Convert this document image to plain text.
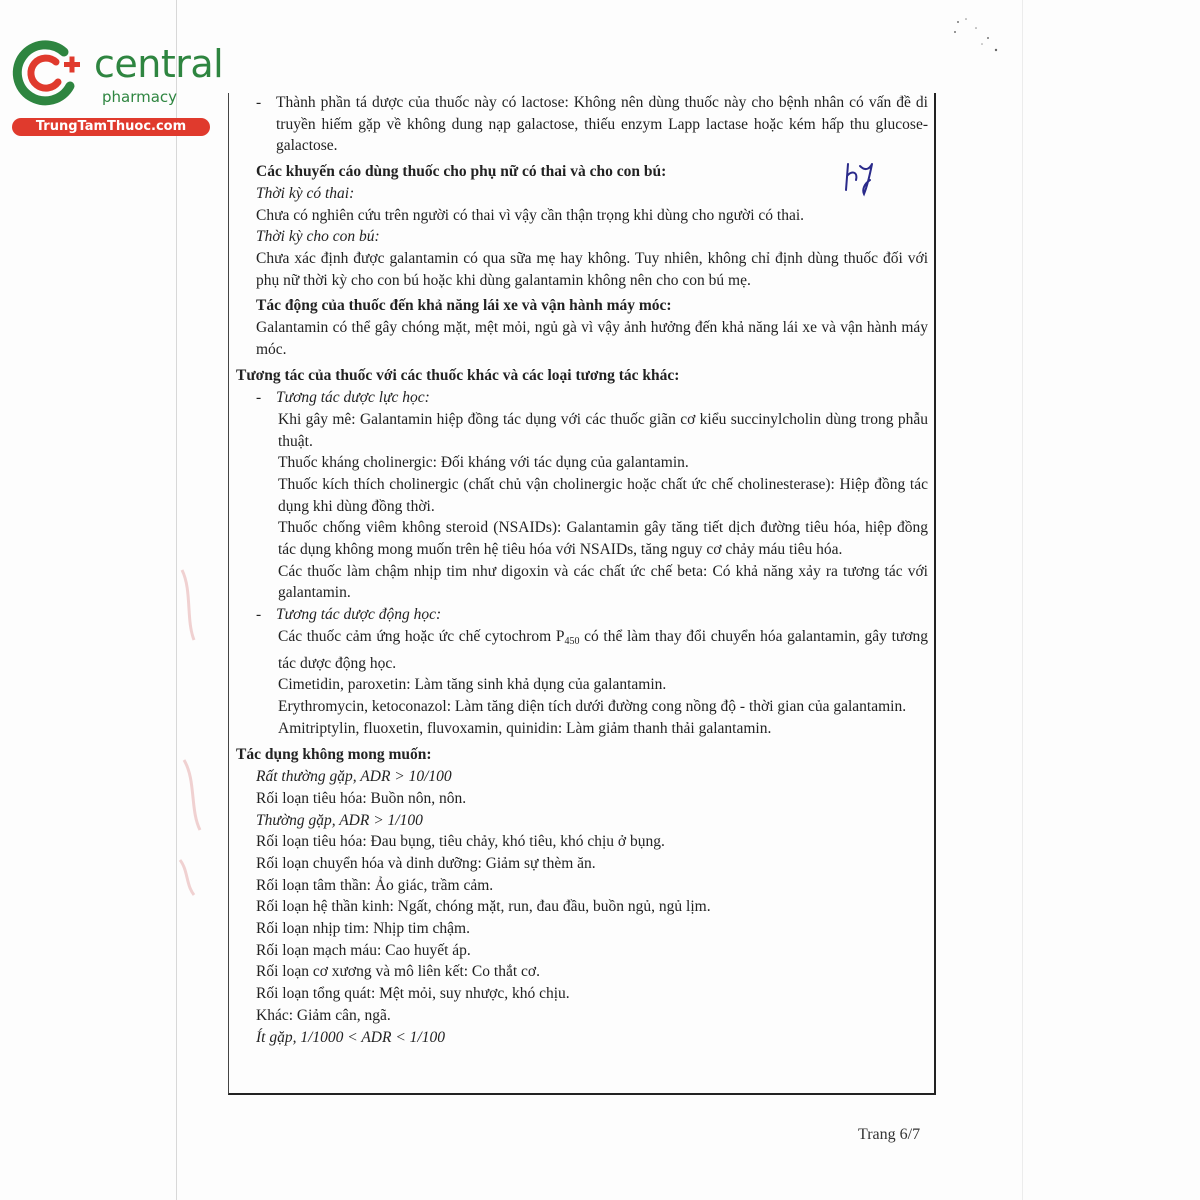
central
pharmacy
TrungTamThuoc.com

- Thành phần tá dược của thuốc này có lactose: Không nên dùng thuốc này cho bệnh nhân có vấn đề di truyền hiếm gặp về không dung nạp galactose, thiếu enzym Lapp lactase hoặc kém hấp thu glucose-galactose.

Các khuyến cáo dùng thuốc cho phụ nữ có thai và cho con bú:

Thời kỳ có thai:

Chưa có nghiên cứu trên người có thai vì vậy cần thận trọng khi dùng cho người có thai.

Thời kỳ cho con bú:

Chưa xác định được galantamin có qua sữa mẹ hay không. Tuy nhiên, không chỉ định dùng thuốc đối với phụ nữ thời kỳ cho con bú hoặc khi dùng galantamin không nên cho con bú mẹ.

Tác động của thuốc đến khả năng lái xe và vận hành máy móc:

Galantamin có thể gây chóng mặt, mệt mỏi, ngủ gà vì vậy ảnh hưởng đến khả năng lái xe và vận hành máy móc.

Tương tác của thuốc với các thuốc khác và các loại tương tác khác:

- Tương tác dược lực học:

Khi gây mê: Galantamin hiệp đồng tác dụng với các thuốc giãn cơ kiểu succinylcholin dùng trong phẫu thuật.

Thuốc kháng cholinergic: Đối kháng với tác dụng của galantamin.

Thuốc kích thích cholinergic (chất chủ vận cholinergic hoặc chất ức chế cholinesterase): Hiệp đồng tác dụng khi dùng đồng thời.

Thuốc chống viêm không steroid (NSAIDs): Galantamin gây tăng tiết dịch đường tiêu hóa, hiệp đồng tác dụng không mong muốn trên hệ tiêu hóa với NSAIDs, tăng nguy cơ chảy máu tiêu hóa.

Các thuốc làm chậm nhịp tim như digoxin và các chất ức chế beta: Có khả năng xảy ra tương tác với galantamin.

- Tương tác dược động học:

Các thuốc cảm ứng hoặc ức chế cytochrom $P_{450}$ có thể làm thay đổi chuyển hóa galantamin, gây tương tác dược động học.

Cimetidin, paroxetin: Làm tăng sinh khả dụng của galantamin.

Erythromycin, ketoconazol: Làm tăng diện tích dưới đường cong nồng độ - thời gian của galantamin.

Amitriptylin, fluoxetin, fluvoxamin, quinidin: Làm giảm thanh thải galantamin.

Tác dụng không mong muốn:

Rất thường gặp, ADR > 10/100

Rối loạn tiêu hóa: Buồn nôn, nôn.

Thường gặp, ADR > 1/100

Rối loạn tiêu hóa: Đau bụng, tiêu chảy, khó tiêu, khó chịu ở bụng.

Rối loạn chuyển hóa và dinh dưỡng: Giảm sự thèm ăn.

Rối loạn tâm thần: Ảo giác, trầm cảm.

Rối loạn hệ thần kinh: Ngất, chóng mặt, run, đau đầu, buồn ngủ, ngủ lịm.

Rối loạn nhịp tim: Nhịp tim chậm.

Rối loạn mạch máu: Cao huyết áp.

Rối loạn cơ xương và mô liên kết: Co thắt cơ.

Rối loạn tổng quát: Mệt mỏi, suy nhược, khó chịu.

Khác: Giảm cân, ngã.

Ít gặp, 1/1000 < ADR < 1/100

Trang 6/7
